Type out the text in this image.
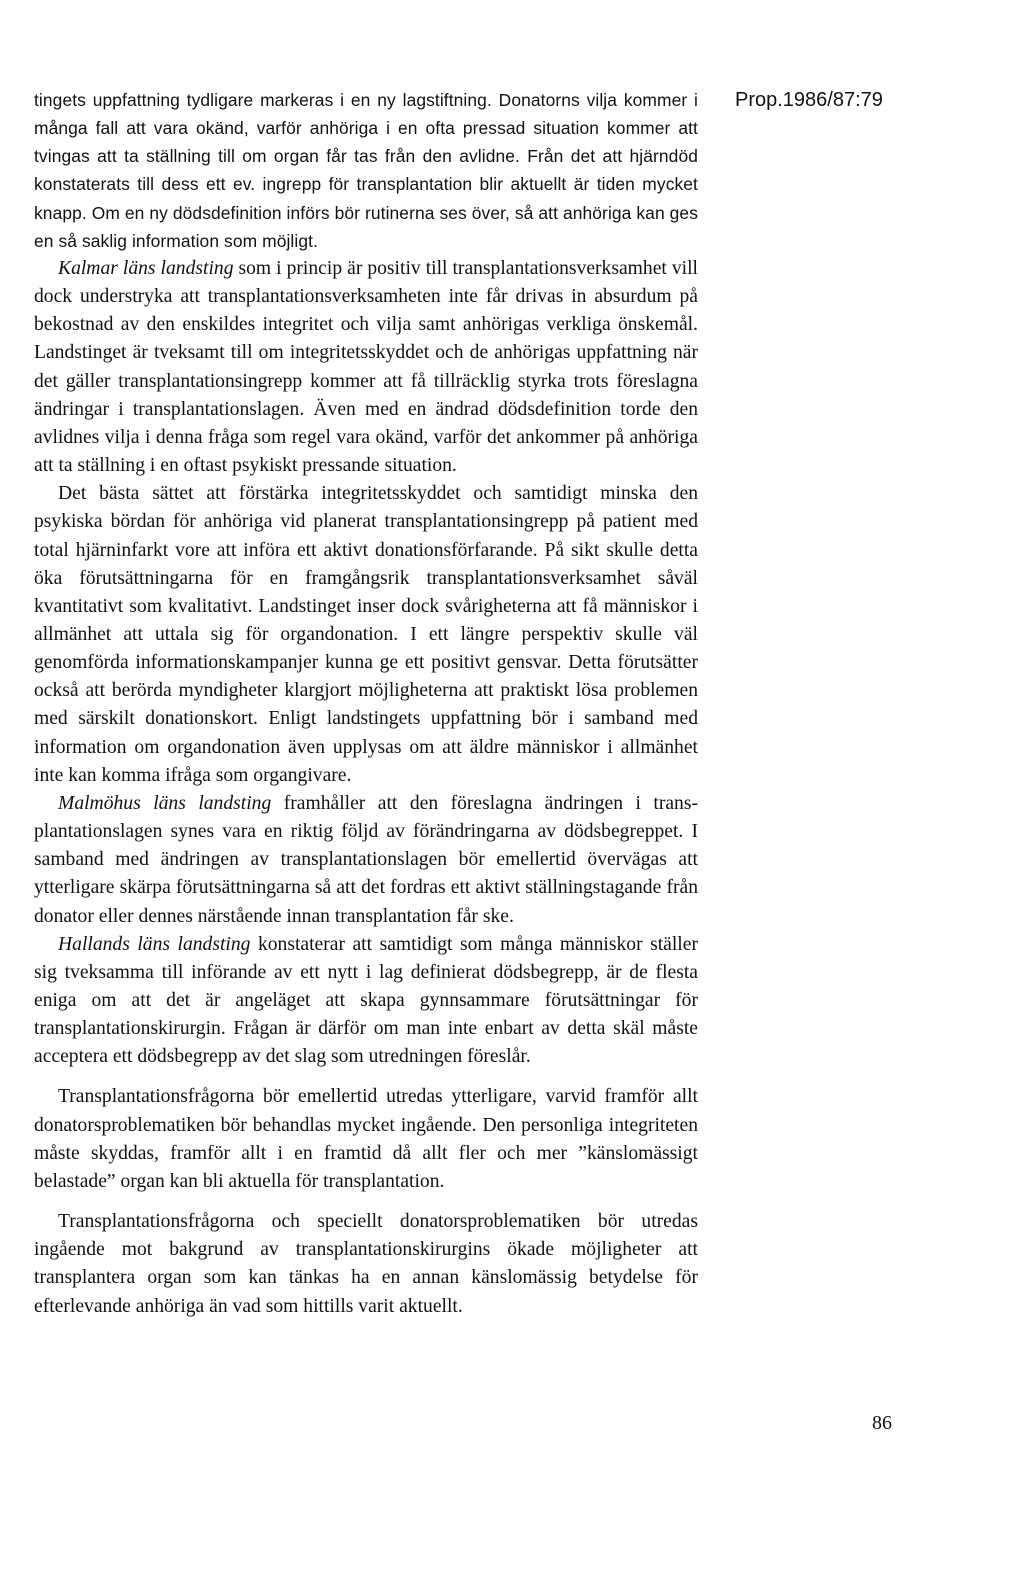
Prop.1986/87:79

tingets uppfattning tydligare markeras i en ny lagstiftning. Donatorns vilja kommer i många fall att vara okänd, varför anhöriga i en ofta pressad situation kommer att tvingas att ta ställning till om organ får tas från den avlidne. Från det att hjärndöd konstaterats till dess ett ev. ingrepp för transplantation blir aktuellt är tiden mycket knapp. Om en ny dödsdefinition införs bör rutinerna ses över, så att anhöriga kan ges en så saklig information som möjligt.

Kalmar läns landsting som i princip är positiv till transplantationsverksamhet vill dock understryka att transplantationsverksamheten inte får drivas in absurdum på bekostnad av den enskildes integritet och vilja samt anhörigas verkliga önskemål. Landstinget är tveksamt till om integritetsskyddet och de anhörigas uppfattning när det gäller transplantationsingrepp kommer att få tillräcklig styrka trots föreslagna ändringar i transplantationslagen. Även med en ändrad dödsdefinition torde den avlidnes vilja i denna fråga som regel vara okänd, varför det ankommer på anhöriga att ta ställning i en oftast psykiskt pressande situation.

Det bästa sättet att förstärka integritetsskyddet och samtidigt minska den psykiska bördan för anhöriga vid planerat transplantationsingrepp på patient med total hjärninfarkt vore att införa ett aktivt donationsförfarande. På sikt skulle detta öka förutsättningarna för en framgångsrik transplantationsverksamhet såväl kvantitativt som kvalitativt. Landstinget inser dock svårigheterna att få människor i allmänhet att uttala sig för organdonation. I ett längre perspektiv skulle väl genomförda informationskampanjer kunna ge ett positivt gensvar. Detta förutsätter också att berörda myndigheter klargjort möjligheterna att praktiskt lösa problemen med särskilt donationskort. Enligt landstingets uppfattning bör i samband med information om organdonation även upplysas om att äldre människor i allmänhet inte kan komma ifråga som organgivare.

Malmöhus läns landsting framhåller att den föreslagna ändringen i transplantationslagen synes vara en riktig följd av förändringarna av dödsbegreppet. I samband med ändringen av transplantationslagen bör emellertid övervägas att ytterligare skärpa förutsättningarna så att det fordras ett aktivt ställningstagande från donator eller dennes närstående innan transplantation får ske.

Hallands läns landsting konstaterar att samtidigt som många människor ställer sig tveksamma till införande av ett nytt i lag definierat dödsbegrepp, är de flesta eniga om att det är angeläget att skapa gynnsammare förutsättningar för transplantationskirurgin. Frågan är därför om man inte enbart av detta skäl måste acceptera ett dödsbegrepp av det slag som utredningen föreslår.

Transplantationsfrågorna bör emellertid utredas ytterligare, varvid framför allt donatorsproblematiken bör behandlas mycket ingående. Den personliga integriteten måste skyddas, framför allt i en framtid då allt fler och mer ”känslomässigt belastade” organ kan bli aktuella för transplantation.

Transplantationsfrågorna och speciellt donatorsproblematiken bör utredas ingående mot bakgrund av transplantationskirurgins ökade möjligheter att transplantera organ som kan tänkas ha en annan känslomässig betydelse för efterlevande anhöriga än vad som hittills varit aktuellt.

86
